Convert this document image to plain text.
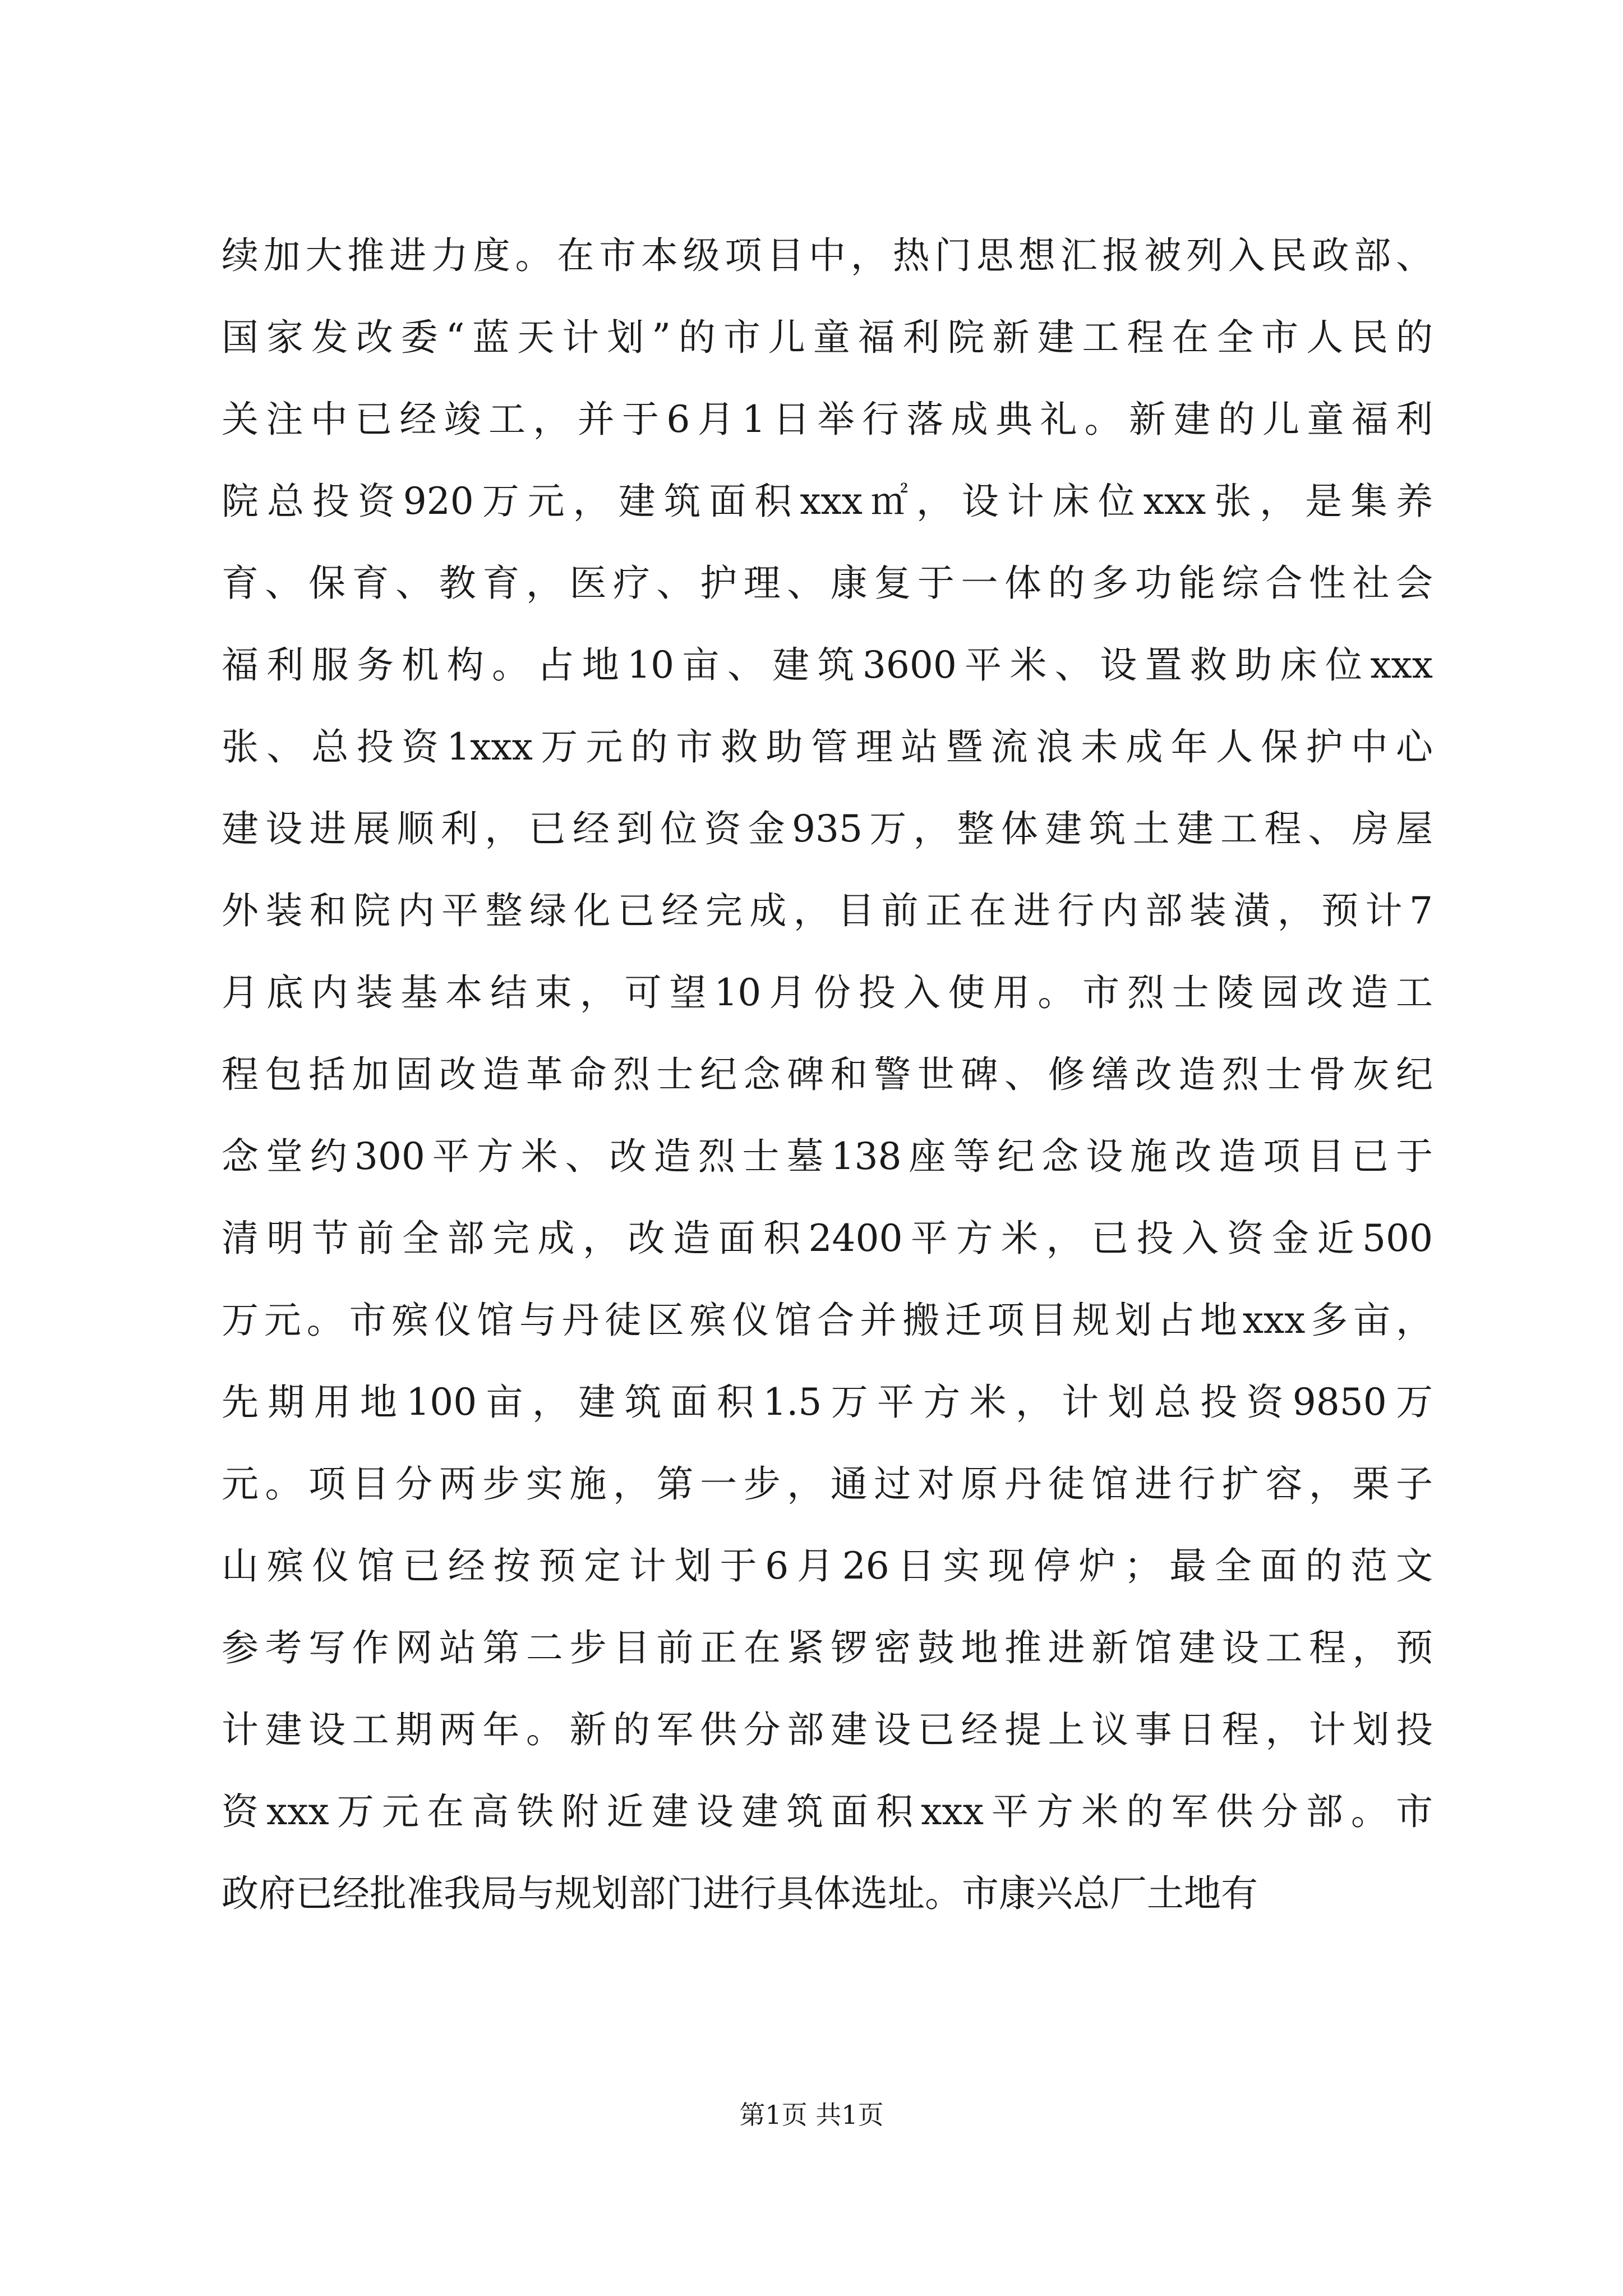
续加大推进力度。在市本级项目中，热门思想汇报被列入民政部、
国家发改委“蓝天计划”的市儿童福利院新建工程在全市人民的
关注中已经竣工，并于6月1日举行落成典礼。新建的儿童福利
院总投资920万元，建筑面积xxx㎡，设计床位xxx张，是集养
育、保育、教育，医疗、护理、康复于一体的多功能综合性社会
福利服务机构。占地10亩、建筑3600平米、设置救助床位xxx
张、总投资1xxx万元的市救助管理站暨流浪未成年人保护中心
建设进展顺利，已经到位资金935万，整体建筑土建工程、房屋
外装和院内平整绿化已经完成，目前正在进行内部装潢，预计7
月底内装基本结束，可望10月份投入使用。市烈士陵园改造工
程包括加固改造革命烈士纪念碑和警世碑、修缮改造烈士骨灰纪
念堂约300平方米、改造烈士墓138座等纪念设施改造项目已于
清明节前全部完成，改造面积2400平方米，已投入资金近500
万元。市殡仪馆与丹徒区殡仪馆合并搬迁项目规划占地xxx多亩，
先期用地100亩，建筑面积1.5万平方米，计划总投资9850万
元。项目分两步实施，第一步，通过对原丹徒馆进行扩容，栗子
山殡仪馆已经按预定计划于6月26日实现停炉；最全面的范文
参考写作网站第二步目前正在紧锣密鼓地推进新馆建设工程，预
计建设工期两年。新的军供分部建设已经提上议事日程，计划投
资xxx万元在高铁附近建设建筑面积xxx平方米的军供分部。市
政府已经批准我局与规划部门进行具体选址。市康兴总厂土地有
第1页 共1页
